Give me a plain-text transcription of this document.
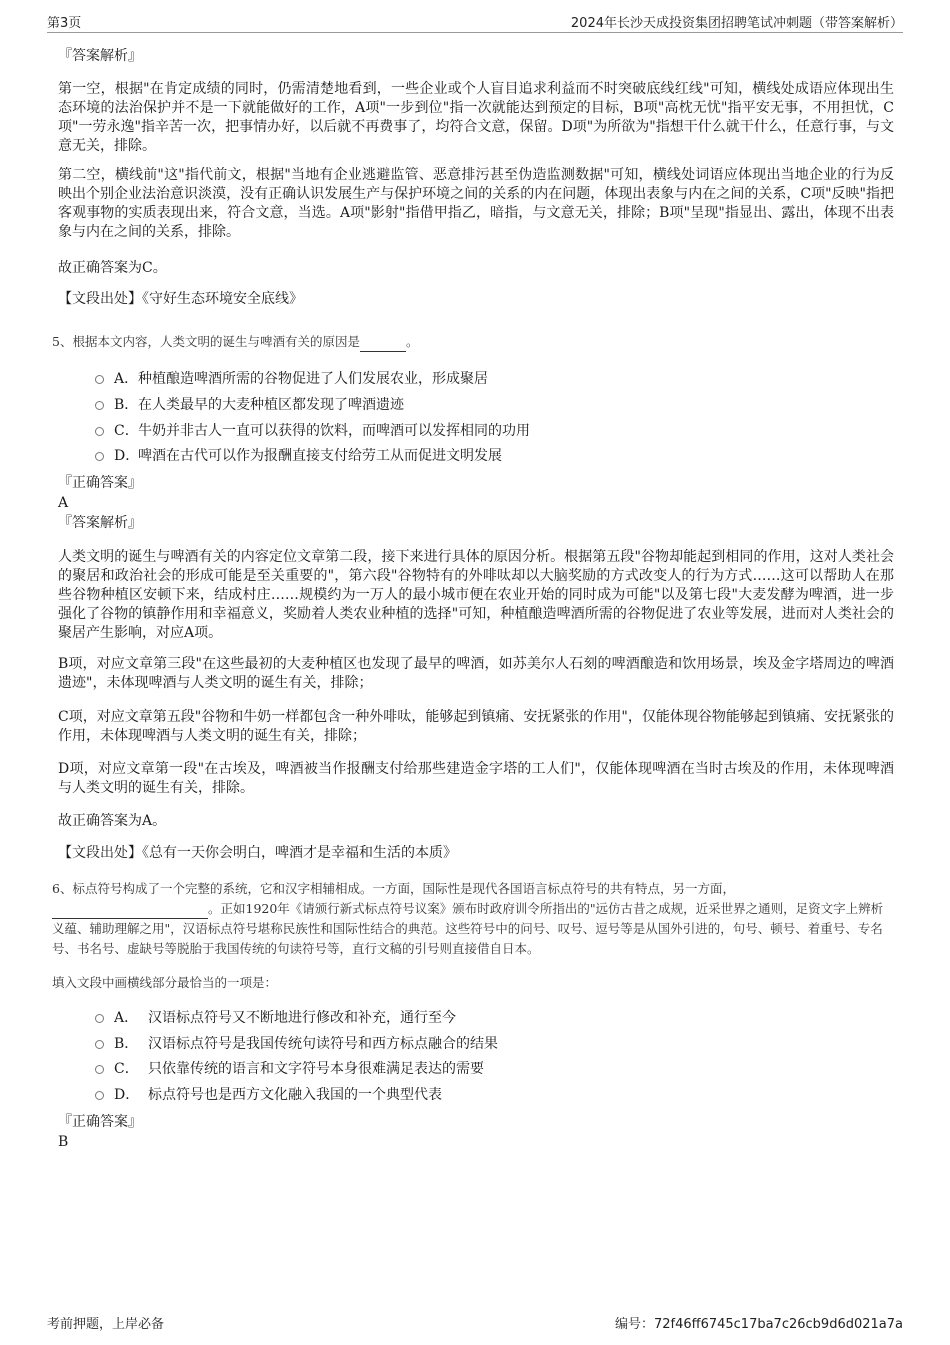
第3页	2024年长沙天成投资集团招聘笔试冲刺题（带答案解析）
『答案解析』
第一空，根据"在肯定成绩的同时，仍需清楚地看到，一些企业或个人盲目追求利益而不时突破底线红线"可知，横线处成语应体现出生态环境的法治保护并不是一下就能做好的工作，A项"一步到位"指一次就能达到预定的目标，B项"高枕无忧"指平安无事，不用担忧，C项"一劳永逸"指辛苦一次，把事情办好，以后就不再费事了，均符合文意，保留。D项"为所欲为"指想干什么就干什么，任意行事，与文意无关，排除。
第二空，横线前"这"指代前文，根据"当地有企业逃避监管、恶意排污甚至伪造监测数据"可知，横线处词语应体现出当地企业的行为反映出个别企业法治意识淡漠，没有正确认识发展生产与保护环境之间的关系的内在问题，体现出表象与内在之间的关系，C项"反映"指把客观事物的实质表现出来，符合文意，当选。A项"影射"指借甲指乙，暗指，与文意无关，排除；B项"呈现"指显出、露出，体现不出表象与内在之间的关系，排除。
故正确答案为C。
【文段出处】《守好生态环境安全底线》
5、根据本文内容，人类文明的诞生与啤酒有关的原因是	。
A．种植酿造啤酒所需的谷物促进了人们发展农业，形成聚居
B．在人类最早的大麦种植区都发现了啤酒遗迹
C．牛奶并非古人一直可以获得的饮料，而啤酒可以发挥相同的功用
D．啤酒在古代可以作为报酬直接支付给劳工从而促进文明发展
『正确答案』
A
『答案解析』
人类文明的诞生与啤酒有关的内容定位文章第二段，接下来进行具体的原因分析。根据第五段"谷物却能起到相同的作用，这对人类社会的聚居和政治社会的形成可能是至关重要的"，第六段"谷物特有的外啡呔却以大脑奖励的方式改变人的行为方式……这可以帮助人在那些谷物种植区安顿下来，结成村庄……规模约为一万人的最小城市便在农业开始的同时成为可能"以及第七段"大麦发酵为啤酒，进一步强化了谷物的镇静作用和幸福意义，奖励着人类农业种植的选择"可知，种植酿造啤酒所需的谷物促进了农业等发展，进而对人类社会的聚居产生影响，对应A项。
B项，对应文章第三段"在这些最初的大麦种植区也发现了最早的啤酒，如苏美尔人石刻的啤酒酿造和饮用场景，埃及金字塔周边的啤酒遗迹"，未体现啤酒与人类文明的诞生有关，排除；
C项，对应文章第五段"谷物和牛奶一样都包含一种外啡呔，能够起到镇痛、安抚紧张的作用"，仅能体现谷物能够起到镇痛、安抚紧张的作用，未体现啤酒与人类文明的诞生有关，排除；
D项，对应文章第一段"在古埃及，啤酒被当作报酬支付给那些建造金字塔的工人们"，仅能体现啤酒在当时古埃及的作用，未体现啤酒与人类文明的诞生有关，排除。
故正确答案为A。
【文段出处】《总有一天你会明白，啤酒才是幸福和生活的本质》
6、标点符号构成了一个完整的系统，它和汉字相辅相成。一方面，国际性是现代各国语言标点符号的共有特点，另一方面，
。正如1920年《请颁行新式标点符号议案》颁布时政府训令所指出的"远仿古昔之成规，近采世界之通则，足资文字上辨析义蕴、辅助理解之用"，汉语标点符号堪称民族性和国际性结合的典范。这些符号中的问号、叹号、逗号等是从国外引进的，句号、顿号、着重号、专名号、书名号、虚缺号等脱胎于我国传统的句读符号等，直行文稿的引号则直接借自日本。
填入文段中画横线部分最恰当的一项是：
A． 汉语标点符号又不断地进行修改和补充，通行至今
B． 汉语标点符号是我国传统句读符号和西方标点融合的结果
C． 只依靠传统的语言和文字符号本身很难满足表达的需要
D． 标点符号也是西方文化融入我国的一个典型代表
『正确答案』
B
考前押题，上岸必备	编号：72f46ff6745c17ba7c26cb9d6d021a7a
